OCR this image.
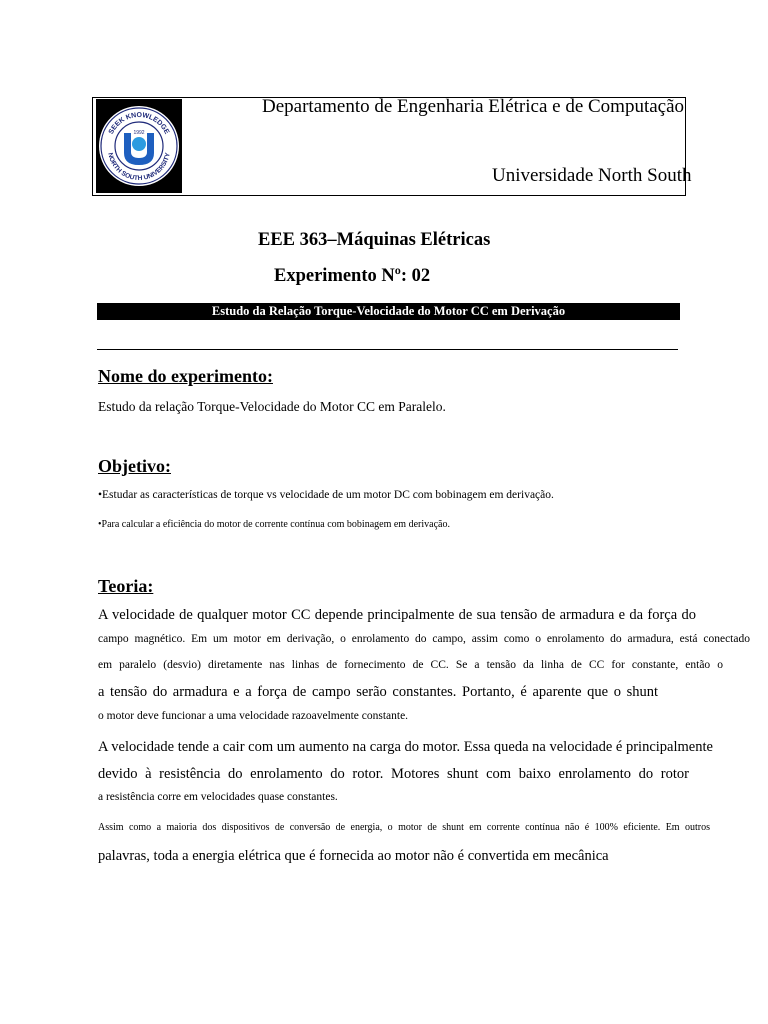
SEEK KNOWLEDGE
NORTH SOUTH UNIVERSITY
1992
Departamento de Engenharia Elétrica e de Computação
Universidade North South
EEE 363–Máquinas Elétricas
Experimento Nº: 02
Estudo da Relação Torque-Velocidade do Motor CC em Derivação
Nome do experimento:
Estudo da relação Torque-Velocidade do Motor CC em Paralelo.
Objetivo:
•Estudar as características de torque vs velocidade de um motor DC com bobinagem em derivação.
•Para calcular a eficiência do motor de corrente contínua com bobinagem em derivação.
Teoria:
A velocidade de qualquer motor CC depende principalmente de sua tensão de armadura e da força do
campo magnético. Em um motor em derivação, o enrolamento do campo, assim como o enrolamento do armadura, está conectado
em paralelo (desvio) diretamente nas linhas de fornecimento de CC. Se a tensão da linha de CC for constante, então o
a tensão do armadura e a força de campo serão constantes. Portanto, é aparente que o shunt
o motor deve funcionar a uma velocidade razoavelmente constante.
A velocidade tende a cair com um aumento na carga do motor. Essa queda na velocidade é principalmente
devido à resistência do enrolamento do rotor. Motores shunt com baixo enrolamento do rotor
a resistência corre em velocidades quase constantes.
Assim como a maioria dos dispositivos de conversão de energia, o motor de shunt em corrente contínua não é 100% eficiente. Em outros
palavras, toda a energia elétrica que é fornecida ao motor não é convertida em mecânica
